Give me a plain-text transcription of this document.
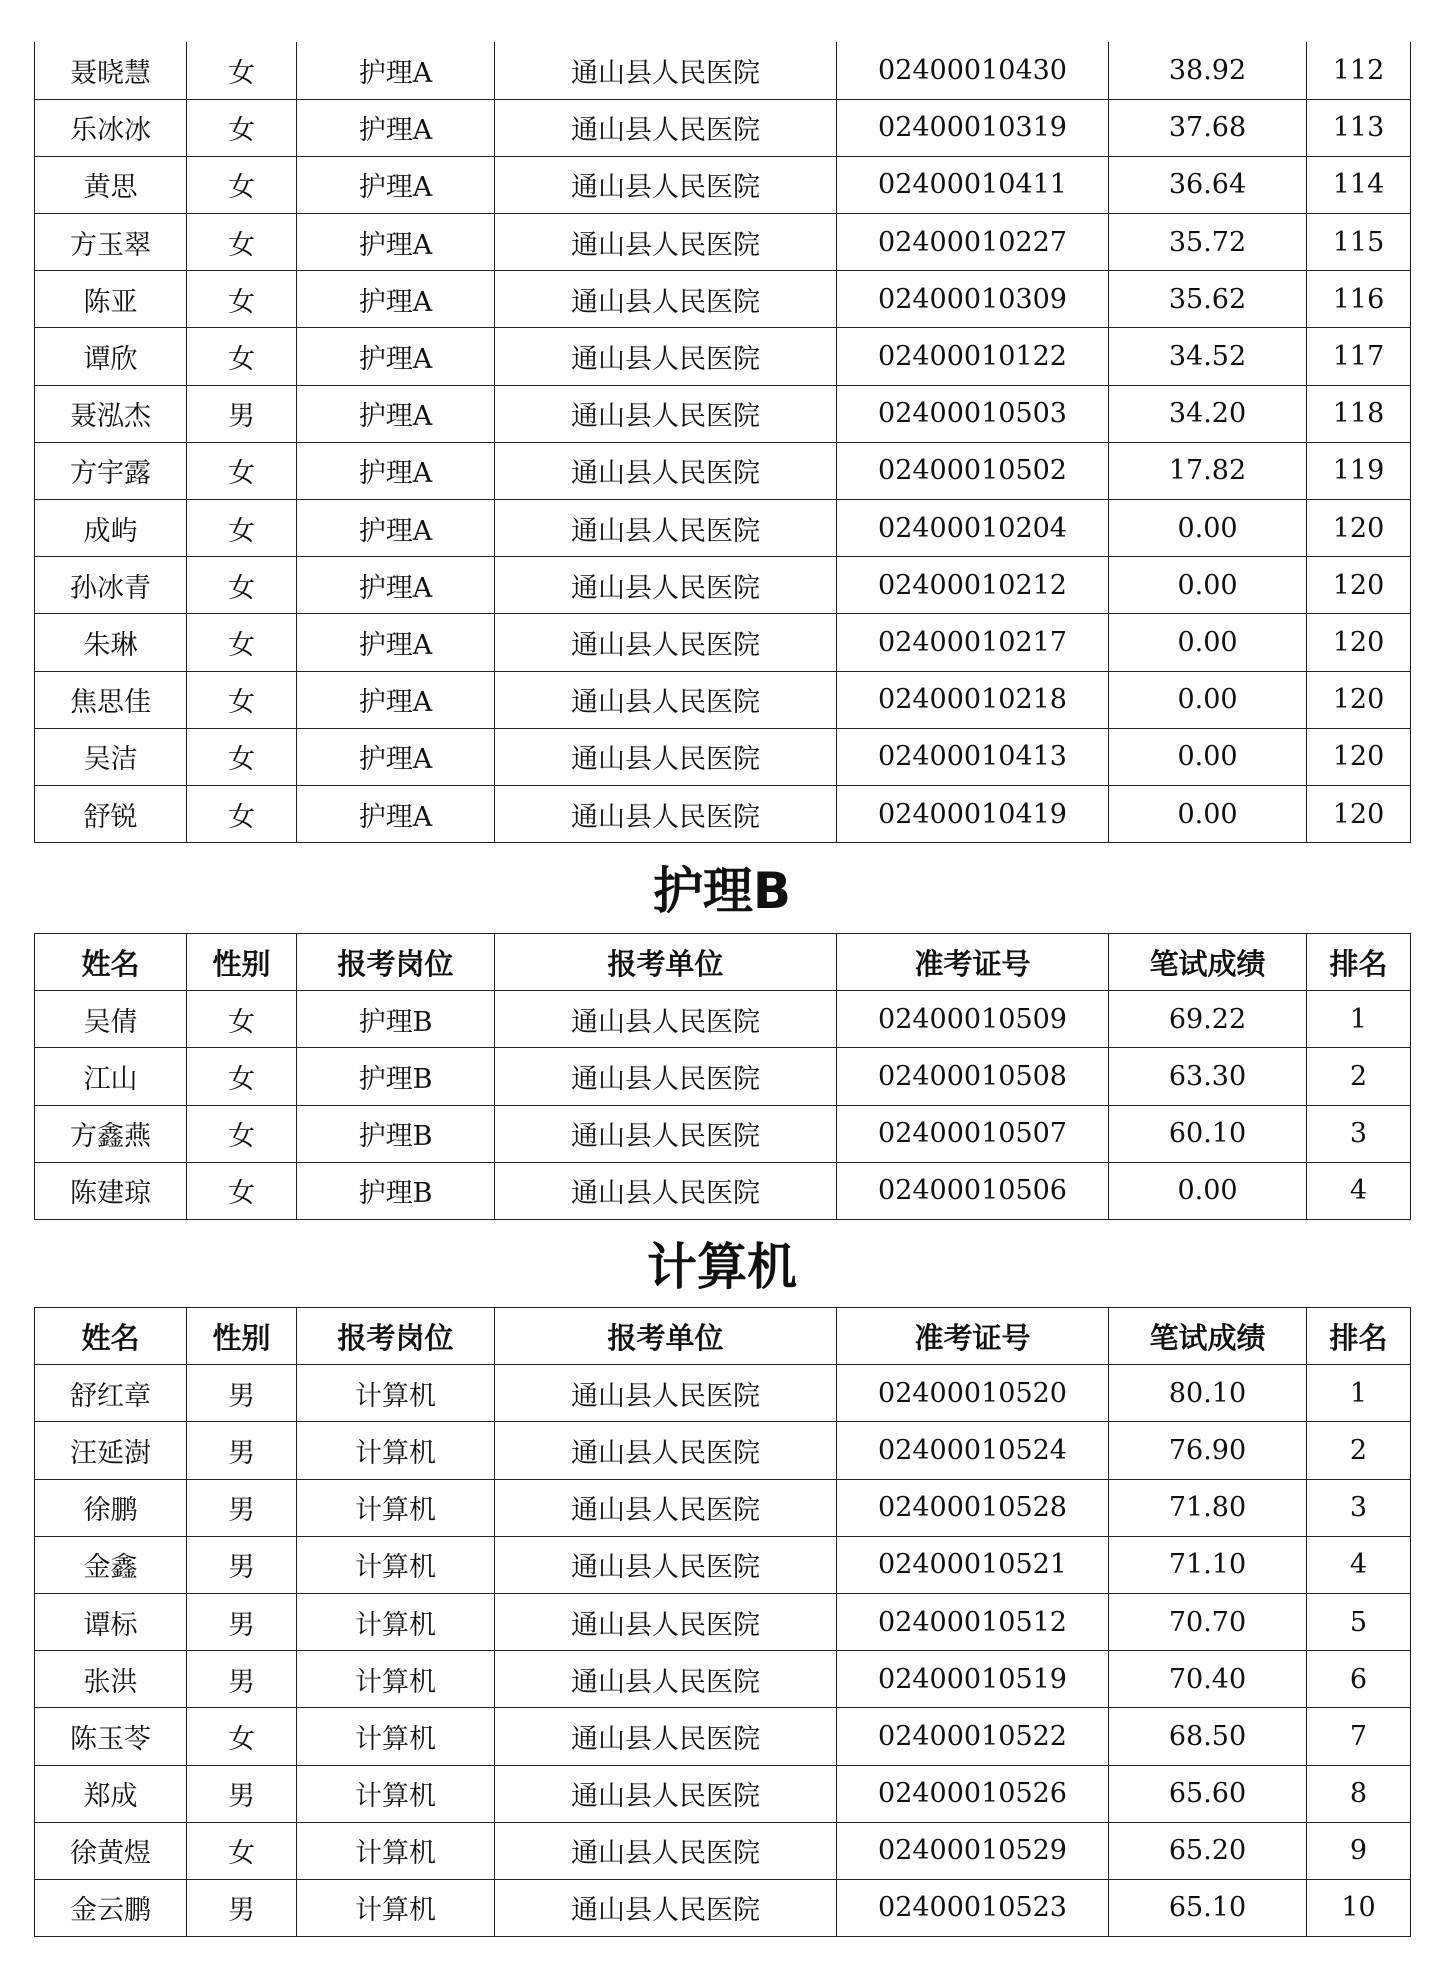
聂晓慧	女	护理A	通山县人民医院	02400010430	38.92	112
乐冰冰	女	护理A	通山县人民医院	02400010319	37.68	113
黄思	女	护理A	通山县人民医院	02400010411	36.64	114
方玉翠	女	护理A	通山县人民医院	02400010227	35.72	115
陈亚	女	护理A	通山县人民医院	02400010309	35.62	116
谭欣	女	护理A	通山县人民医院	02400010122	34.52	117
聂泓杰	男	护理A	通山县人民医院	02400010503	34.20	118
方宇露	女	护理A	通山县人民医院	02400010502	17.82	119
成屿	女	护理A	通山县人民医院	02400010204	0.00	120
孙冰青	女	护理A	通山县人民医院	02400010212	0.00	120
朱琳	女	护理A	通山县人民医院	02400010217	0.00	120
焦思佳	女	护理A	通山县人民医院	02400010218	0.00	120
吴洁	女	护理A	通山县人民医院	02400010413	0.00	120
舒锐	女	护理A	通山县人民医院	02400010419	0.00	120
护理B
姓名	性别	报考岗位	报考单位	准考证号	笔试成绩	排名
吴倩	女	护理B	通山县人民医院	02400010509	69.22	1
江山	女	护理B	通山县人民医院	02400010508	63.30	2
方鑫燕	女	护理B	通山县人民医院	02400010507	60.10	3
陈建琼	女	护理B	通山县人民医院	02400010506	0.00	4
计算机
姓名	性别	报考岗位	报考单位	准考证号	笔试成绩	排名
舒红章	男	计算机	通山县人民医院	02400010520	80.10	1
汪延澍	男	计算机	通山县人民医院	02400010524	76.90	2
徐鹏	男	计算机	通山县人民医院	02400010528	71.80	3
金鑫	男	计算机	通山县人民医院	02400010521	71.10	4
谭标	男	计算机	通山县人民医院	02400010512	70.70	5
张洪	男	计算机	通山县人民医院	02400010519	70.40	6
陈玉苓	女	计算机	通山县人民医院	02400010522	68.50	7
郑成	男	计算机	通山县人民医院	02400010526	65.60	8
徐黄煜	女	计算机	通山县人民医院	02400010529	65.20	9
金云鹏	男	计算机	通山县人民医院	02400010523	65.10	10
